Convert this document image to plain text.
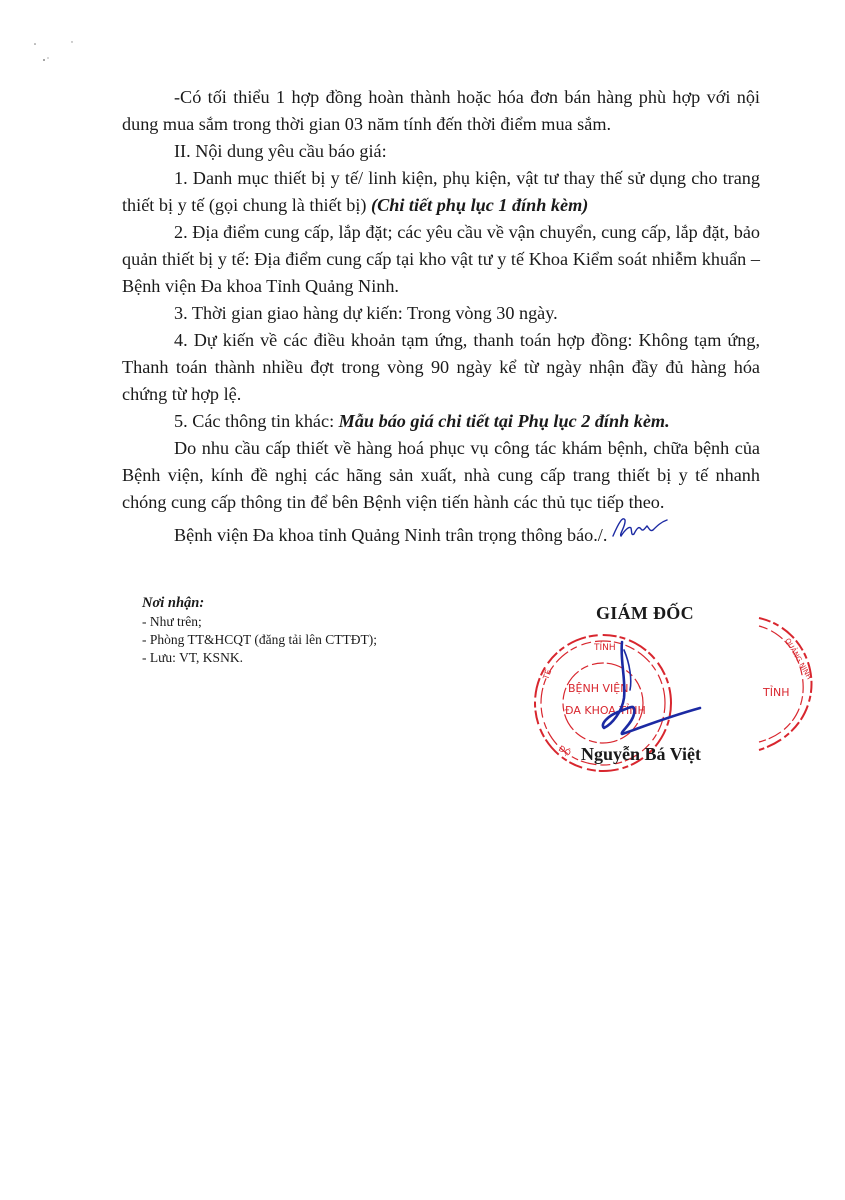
-Có tối thiểu 1 hợp đồng hoàn thành hoặc hóa đơn bán hàng phù hợp với nội dung mua sắm trong thời gian 03 năm tính đến thời điểm mua sắm.

II. Nội dung yêu cầu báo giá:

1. Danh mục thiết bị y tế/ linh kiện, phụ kiện, vật tư thay thế sử dụng cho trang thiết bị y tế (gọi chung là thiết bị) (Chi tiết phụ lục 1 đính kèm)

2. Địa điểm cung cấp, lắp đặt; các yêu cầu về vận chuyển, cung cấp, lắp đặt, bảo quản thiết bị y tế: Địa điểm cung cấp tại kho vật tư y tế Khoa Kiểm soát nhiễm khuẩn – Bệnh viện Đa khoa Tỉnh Quảng Ninh.

3. Thời gian giao hàng dự kiến: Trong vòng 30 ngày.

4. Dự kiến về các điều khoản tạm ứng, thanh toán hợp đồng: Không tạm ứng, Thanh toán thành nhiều đợt trong vòng 90 ngày kể từ ngày nhận đầy đủ hàng hóa chứng từ hợp lệ.

5. Các thông tin khác: Mẫu báo giá chi tiết tại Phụ lục 2 đính kèm.

Do nhu cầu cấp thiết về hàng hoá phục vụ công tác khám bệnh, chữa bệnh của Bệnh viện, kính đề nghị các hãng sản xuất, nhà cung cấp trang thiết bị y tế nhanh chóng cung cấp thông tin để bên Bệnh viện tiến hành các thủ tục tiếp theo.

Bệnh viện Đa khoa tỉnh Quảng Ninh trân trọng thông báo./.

Nơi nhận:
- Như trên;
- Phòng TT&HCQT (đăng tải lên CTTĐT);
- Lưu: VT, KSNK.
GIÁM ĐỐC
TỈNH
TẾ
BỆNH VIỆN
ĐA KHOA TỈNH
ĐỘ
QUẢNG NINH
TỈNH
Nguyễn Bá Việt
